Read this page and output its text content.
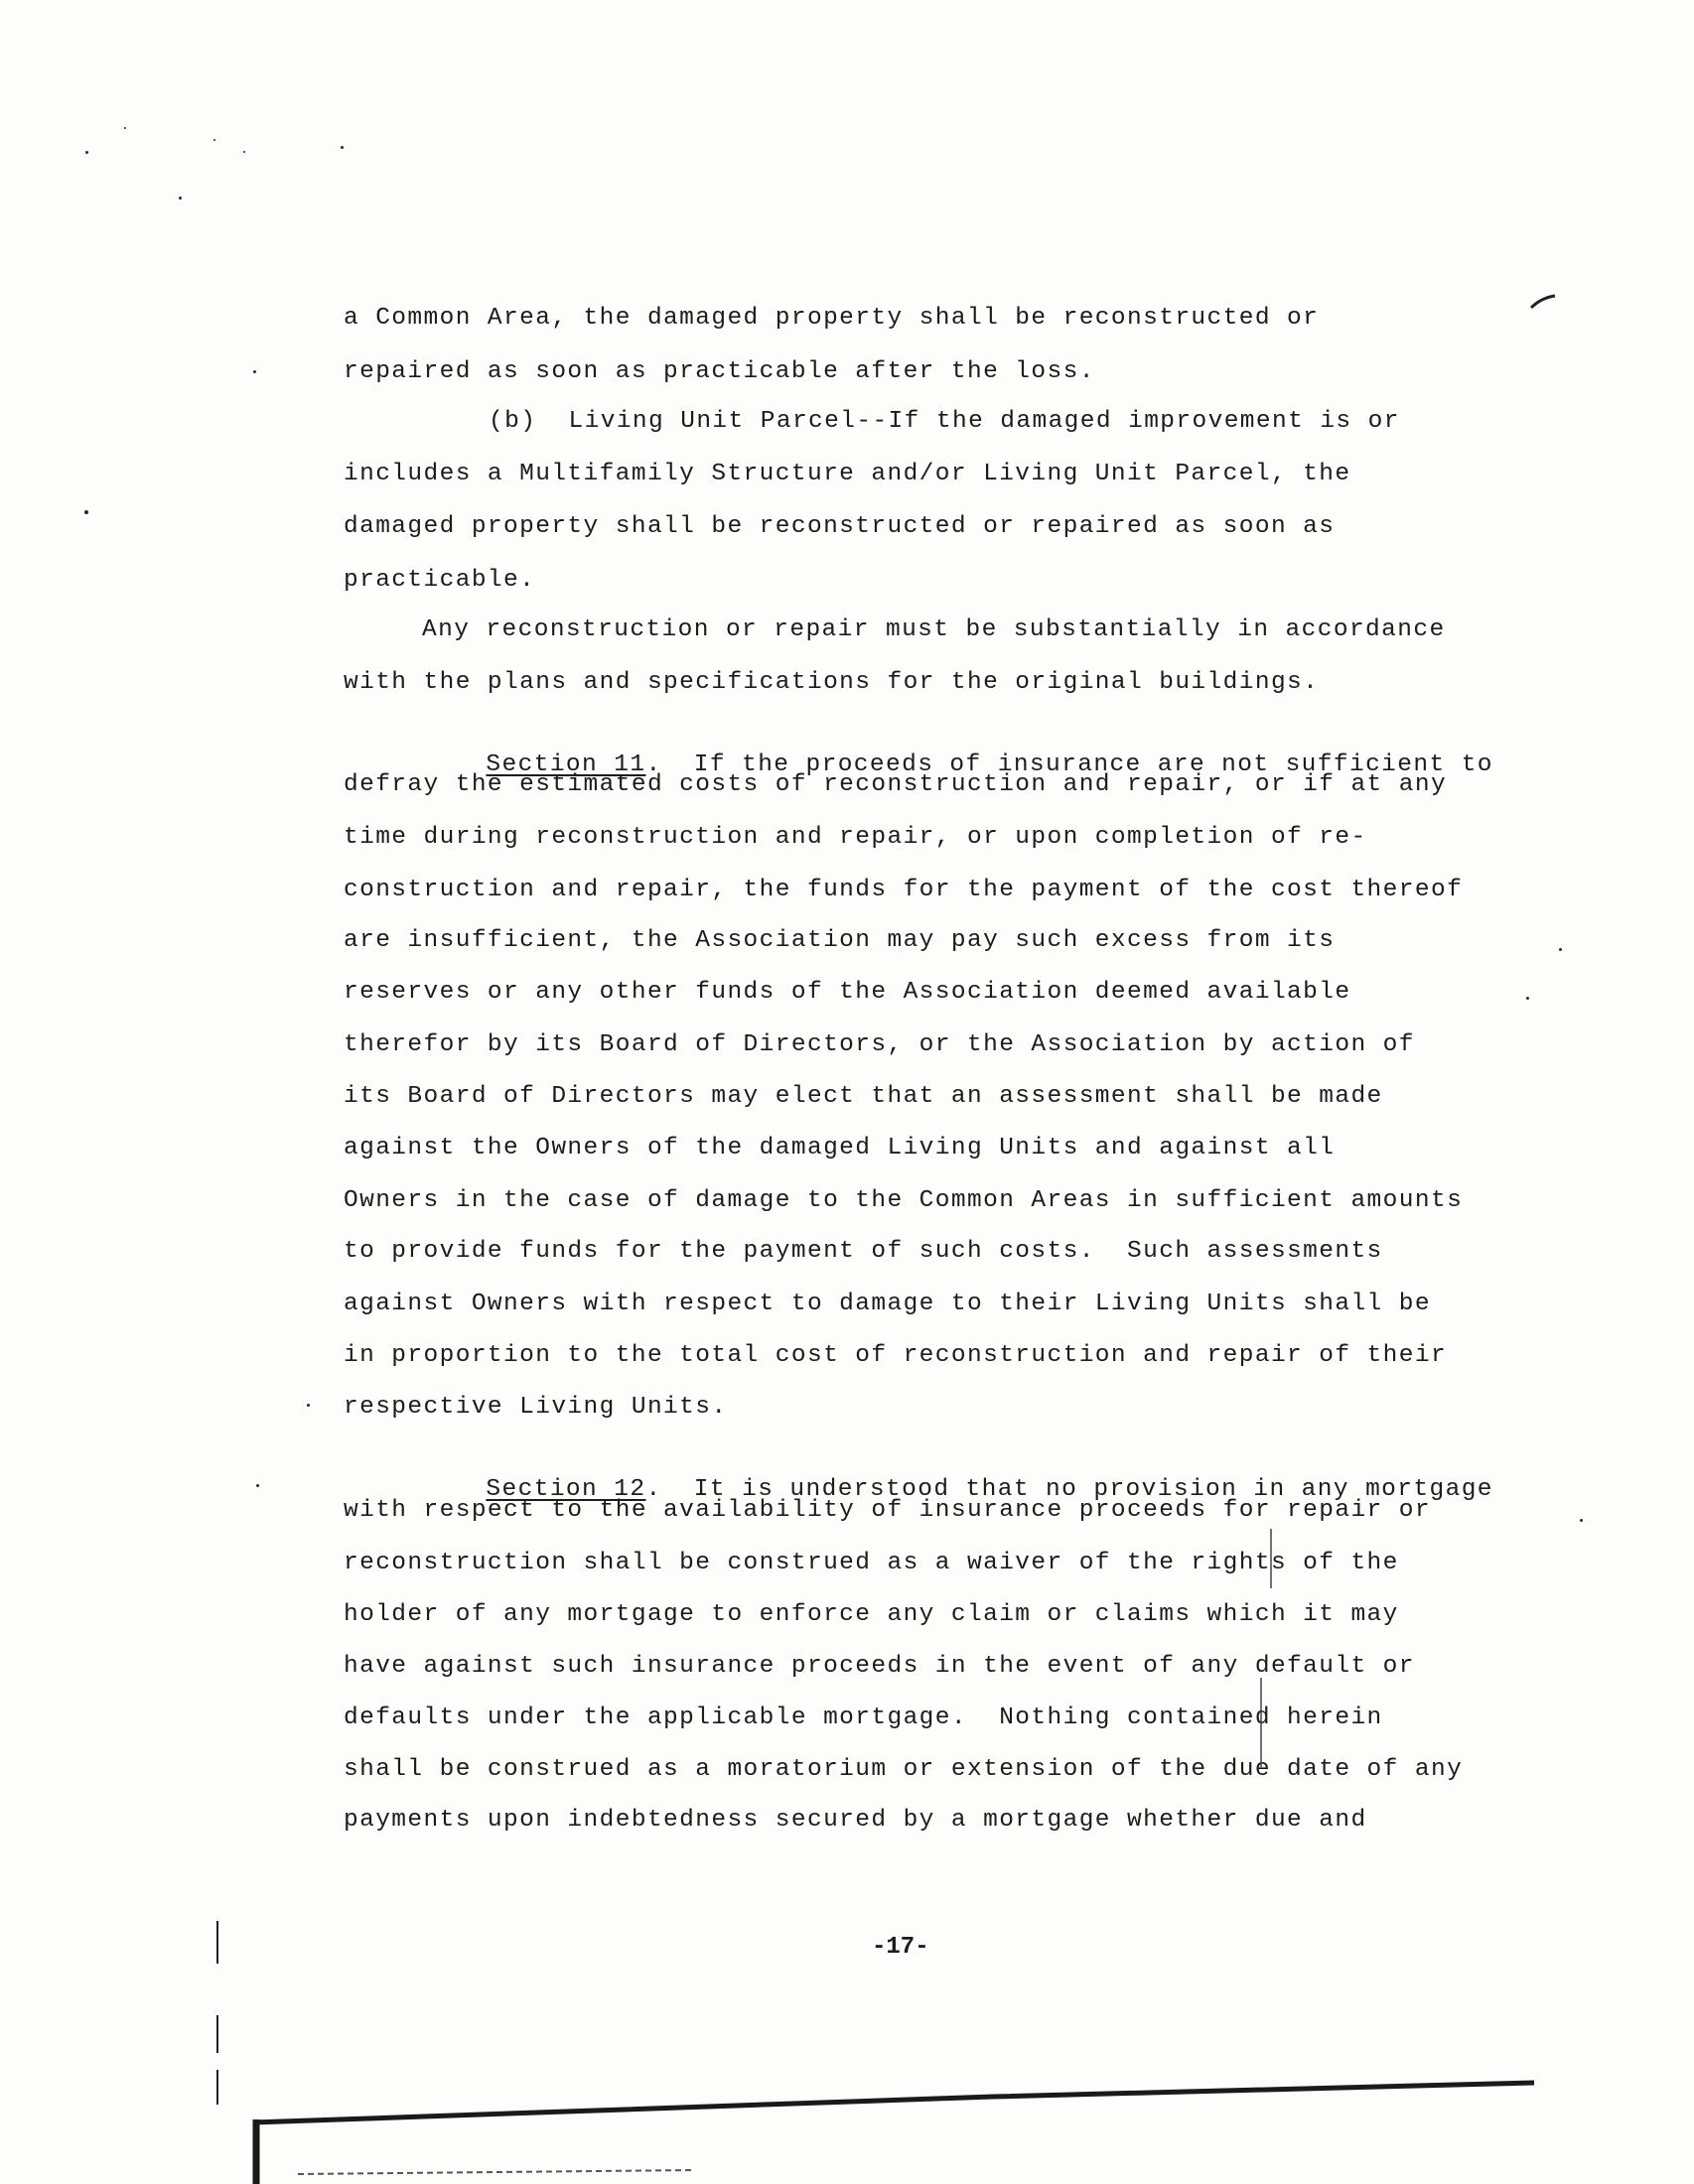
a Common Area, the damaged property shall be reconstructed or
repaired as soon as practicable after the loss.
(b)  Living Unit Parcel--If the damaged improvement is or
includes a Multifamily Structure and/or Living Unit Parcel, the
damaged property shall be reconstructed or repaired as soon as
practicable.
Any reconstruction or repair must be substantially in accordance
with the plans and specifications for the original buildings.

Section 11. If the proceeds of insurance are not sufficient to

defray the estimated costs of reconstruction and repair, or if at any
time during reconstruction and repair, or upon completion of re-
construction and repair, the funds for the payment of the cost thereof
are insufficient, the Association may pay such excess from its
reserves or any other funds of the Association deemed available
therefor by its Board of Directors, or the Association by action of
its Board of Directors may elect that an assessment shall be made
against the Owners of the damaged Living Units and against all
Owners in the case of damage to the Common Areas in sufficient amounts
to provide funds for the payment of such costs.  Such assessments
against Owners with respect to damage to their Living Units shall be
in proportion to the total cost of reconstruction and repair of their
respective Living Units.

Section 12. It is understood that no provision in any mortgage

with respect to the availability of insurance proceeds for repair or
reconstruction shall be construed as a waiver of the rights of the
holder of any mortgage to enforce any claim or claims which it may
have against such insurance proceeds in the event of any default or
defaults under the applicable mortgage.  Nothing contained herein
shall be construed as a moratorium or extension of the due date of any
payments upon indebtedness secured by a mortgage whether due and
-17-
